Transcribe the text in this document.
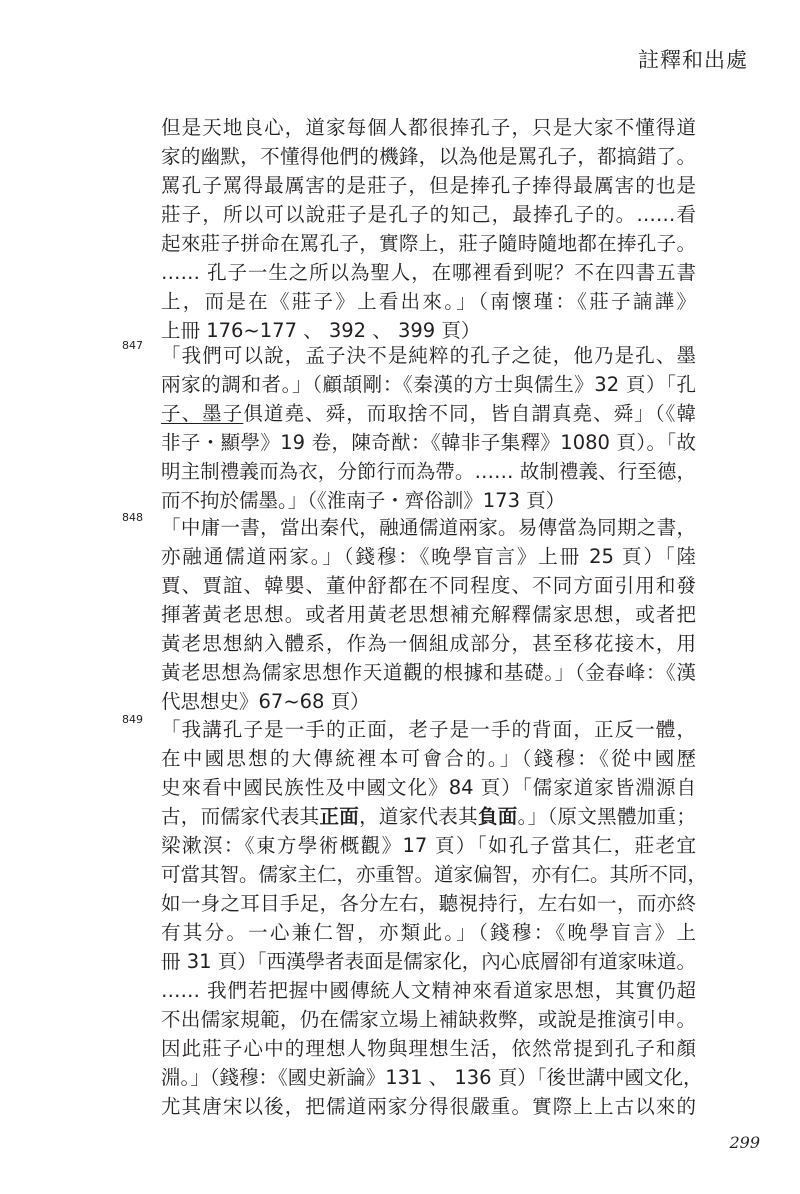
註釋和出處
但是天地良心，道家每個人都很捧孔子，只是大家不懂得道
家的幽默，不懂得他們的機鋒，以為他是罵孔子，都搞錯了。
罵孔子罵得最厲害的是莊子，但是捧孔子捧得最厲害的也是
莊子，所以可以說莊子是孔子的知己，最捧孔子的。……看
起來莊子拼命在罵孔子，實際上，莊子隨時隨地都在捧孔子。
…… 孔子一生之所以為聖人，在哪裡看到呢？不在四書五書
上，而是在《莊子》上看出來。」（南懷瑾：《莊子諵譁》
上冊 176~177 、 392 、 399 頁）
847 「我們可以說，孟子決不是純粹的孔子之徒，他乃是孔、墨
兩家的調和者。」（顧頡剛：《秦漢的方士與儒生》32 頁）「孔
子、墨子俱道堯、舜，而取捨不同，皆自謂真堯、舜」（《韓
非子・顯學》19 卷，陳奇猷：《韓非子集釋》1080 頁）。「故
明主制禮義而為衣，分節行而為帶。…… 故制禮義、行至德，
而不拘於儒墨。」（《淮南子・齊俗訓》173 頁）
848 「中庸一書，當出秦代，融通儒道兩家。易傳當為同期之書，
亦融通儒道兩家。」（錢穆：《晚學盲言》上冊 25 頁）「陸
賈、賈誼、韓嬰、董仲舒都在不同程度、不同方面引用和發
揮著黃老思想。或者用黃老思想補充解釋儒家思想，或者把
黃老思想納入體系，作為一個組成部分，甚至移花接木，用
黃老思想為儒家思想作天道觀的根據和基礎。」（金春峰：《漢
代思想史》67~68 頁）
849 「我講孔子是一手的正面，老子是一手的背面，正反一體，
在中國思想的大傳統裡本可會合的。」（錢穆：《從中國歷
史來看中國民族性及中國文化》84 頁）「儒家道家皆淵源自
古，而儒家代表其正面，道家代表其負面。」（原文黑體加重；
梁漱溟：《東方學術概觀》17 頁）「如孔子當其仁，莊老宜
可當其智。儒家主仁，亦重智。道家偏智，亦有仁。其所不同，
如一身之耳目手足，各分左右，聽視持行，左右如一，而亦終
有其分。一心兼仁智，亦類此。」（錢穆：《晚學盲言》上
冊 31 頁）「西漢學者表面是儒家化，內心底層卻有道家味道。
…… 我們若把握中國傳統人文精神來看道家思想，其實仍超
不出儒家規範，仍在儒家立場上補缺救弊，或說是推演引申。
因此莊子心中的理想人物與理想生活，依然常提到孔子和顏
淵。」（錢穆：《國史新論》131 、 136 頁）「後世講中國文化，
尤其唐宋以後，把儒道兩家分得很嚴重。實際上上古以來的
299
